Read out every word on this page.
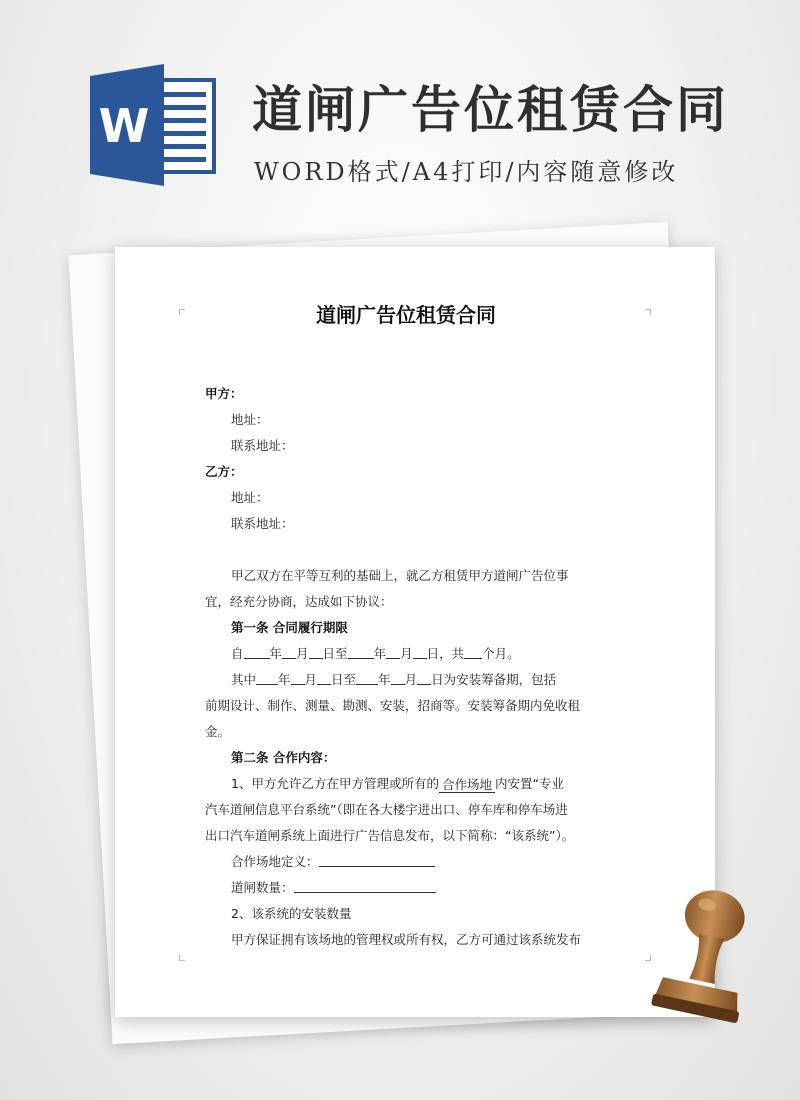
W 道闸广告位租赁合同

WORD格式/A4打印/内容随意修改

道闸广告位租赁合同
甲方：
地址：
联系地址：
乙方：
地址：
联系地址：
甲乙双方在平等互利的基础上，就乙方租赁甲方道闸广告位事
宜，经充分协商，达成如下协议：
第一条 合同履行期限
自 年 月 日至 年 月 日，共 个月。
其中 年 月 日至 年 月 日为安装筹备期，包括
前期设计、制作、测量、勘测、安装，招商等。安装筹备期内免收租
金。
第二条 合作内容：
1、甲方允许乙方在甲方管理或所有的 合作场地 内安置“专业
汽车道闸信息平台系统”（即在各大楼宇进出口、停车库和停车场进
出口汽车道闸系统上面进行广告信息发布，以下简称：“该系统”）。
合作场地定义：
道闸数量：
2、该系统的安装数量
甲方保证拥有该场地的管理权或所有权，乙方可通过该系统发布
